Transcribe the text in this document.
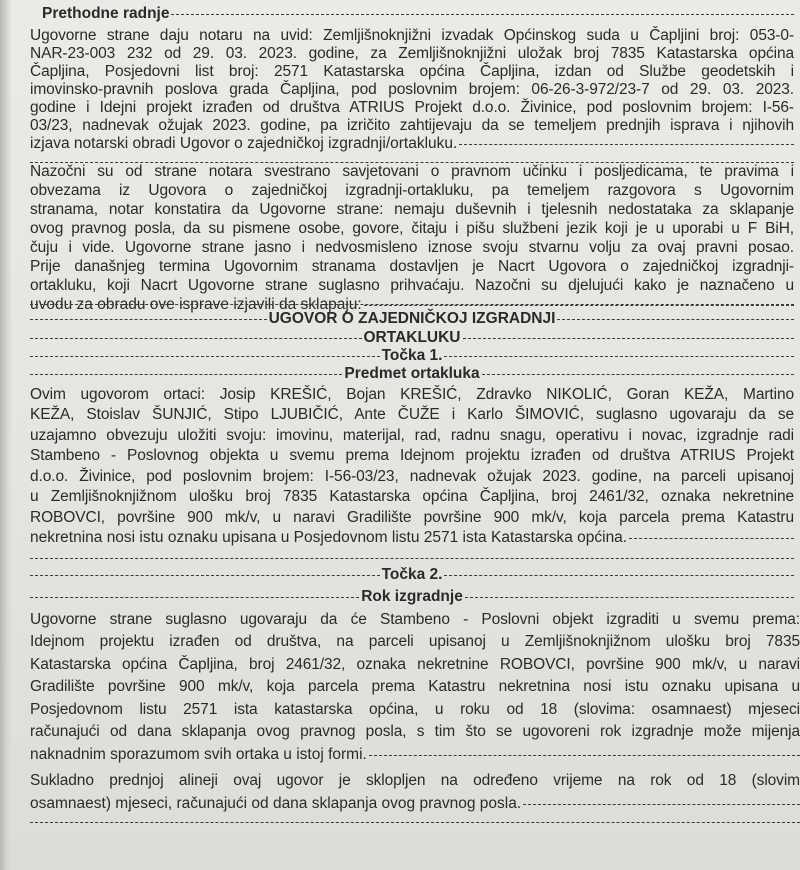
Prethodne radnje
Ugovorne strane daju notaru na uvid: Zemljišnoknjižni izvadak Općinskog suda u Čapljini broj: 053-0-
NAR-23-003 232 od 29. 03. 2023. godine, za Zemljišnoknjižni uložak broj 7835 Katastarska općina
Čapljina, Posjedovni list broj: 2571 Katastarska općina Čapljina, izdan od Službe geodetskih i
imovinsko-pravnih poslova grada Čapljina, pod poslovnim brojem: 06-26-3-972/23-7 od 29. 03. 2023.
godine i Idejni projekt izrađen od društva ATRIUS Projekt d.o.o. Živinice, pod poslovnim brojem: I-56-
03/23, nadnevak ožujak 2023. godine, pa izričito zahtijevaju da se temeljem prednjih isprava i njihovih
izjava notarski obradi Ugovor o zajedničkoj izgradnji/ortakluku.
Nazočni su od strane notara svestrano savjetovani o pravnom učinku i posljedicama, te pravima i
obvezama iz Ugovora o zajedničkoj izgradnji-ortakluku, pa temeljem razgovora s Ugovornim
stranama, notar konstatira da Ugovorne strane: nemaju duševnih i tjelesnih nedostataka za sklapanje
ovog pravnog posla, da su pismene osobe, govore, čitaju i pišu službeni jezik koji je u uporabi u F BiH,
čuju i vide. Ugovorne strane jasno i nedvosmisleno iznose svoju stvarnu volju za ovaj pravni posao.
Prije današnjeg termina Ugovornim stranama dostavljen je Nacrt Ugovora o zajedničkoj izgradnji-
ortakluku, koji Nacrt Ugovorne strane suglasno prihvaćaju. Nazočni su djelujući kako je naznačeno u
uvodu za obradu ove isprave izjavili da sklapaju:
UGOVOR O ZAJEDNIČKOJ IZGRADNJI
ORTAKLUKU
Točka 1.
Predmet ortakluka
Ovim ugovorom ortaci: Josip KREŠIĆ, Bojan KREŠIĆ, Zdravko NIKOLIĆ, Goran KEŽA, Martino
KEŽA, Stoislav ŠUNJIĆ, Stipo LJUBIČIĆ, Ante ČUŽE i Karlo ŠIMOVIĆ, suglasno ugovaraju da se
uzajamno obvezuju uložiti svoju: imovinu, materijal, rad, radnu snagu, operativu i novac, izgradnje radi
Stambeno - Poslovnog objekta u svemu prema Idejnom projektu izrađen od društva ATRIUS Projekt
d.o.o. Živinice, pod poslovnim brojem: I-56-03/23, nadnevak ožujak 2023. godine, na parceli upisanoj
u Zemljišnoknjižnom ulošku broj 7835 Katastarska općina Čapljina, broj 2461/32, oznaka nekretnine
ROBOVCI, površine 900 mk/v, u naravi Gradilište površine 900 mk/v, koja parcela prema Katastru
nekretnina nosi istu oznaku upisana u Posjedovnom listu 2571 ista Katastarska općina.
Točka 2.
Rok izgradnje
Ugovorne strane suglasno ugovaraju da će Stambeno - Poslovni objekt izgraditi u svemu prema:
Idejnom projektu izrađen od društva, na parceli upisanoj u Zemljišnoknjižnom ulošku broj 7835
Katastarska općina Čapljina, broj 2461/32, oznaka nekretnine ROBOVCI, površine 900 mk/v, u naravi
Gradilište površine 900 mk/v, koja parcela prema Katastru nekretnina nosi istu oznaku upisana u
Posjedovnom listu 2571 ista katastarska općina, u roku od 18 (slovima: osamnaest) mjeseci
računajući od dana sklapanja ovog pravnog posla, s tim što se ugovoreni rok izgradnje može mijenja
naknadnim sporazumom svih ortaka u istoj formi.
Sukladno prednjoj alineji ovaj ugovor je sklopljen na određeno vrijeme na rok od 18 (slovim
osamnaest) mjeseci, računajući od dana sklapanja ovog pravnog posla.
